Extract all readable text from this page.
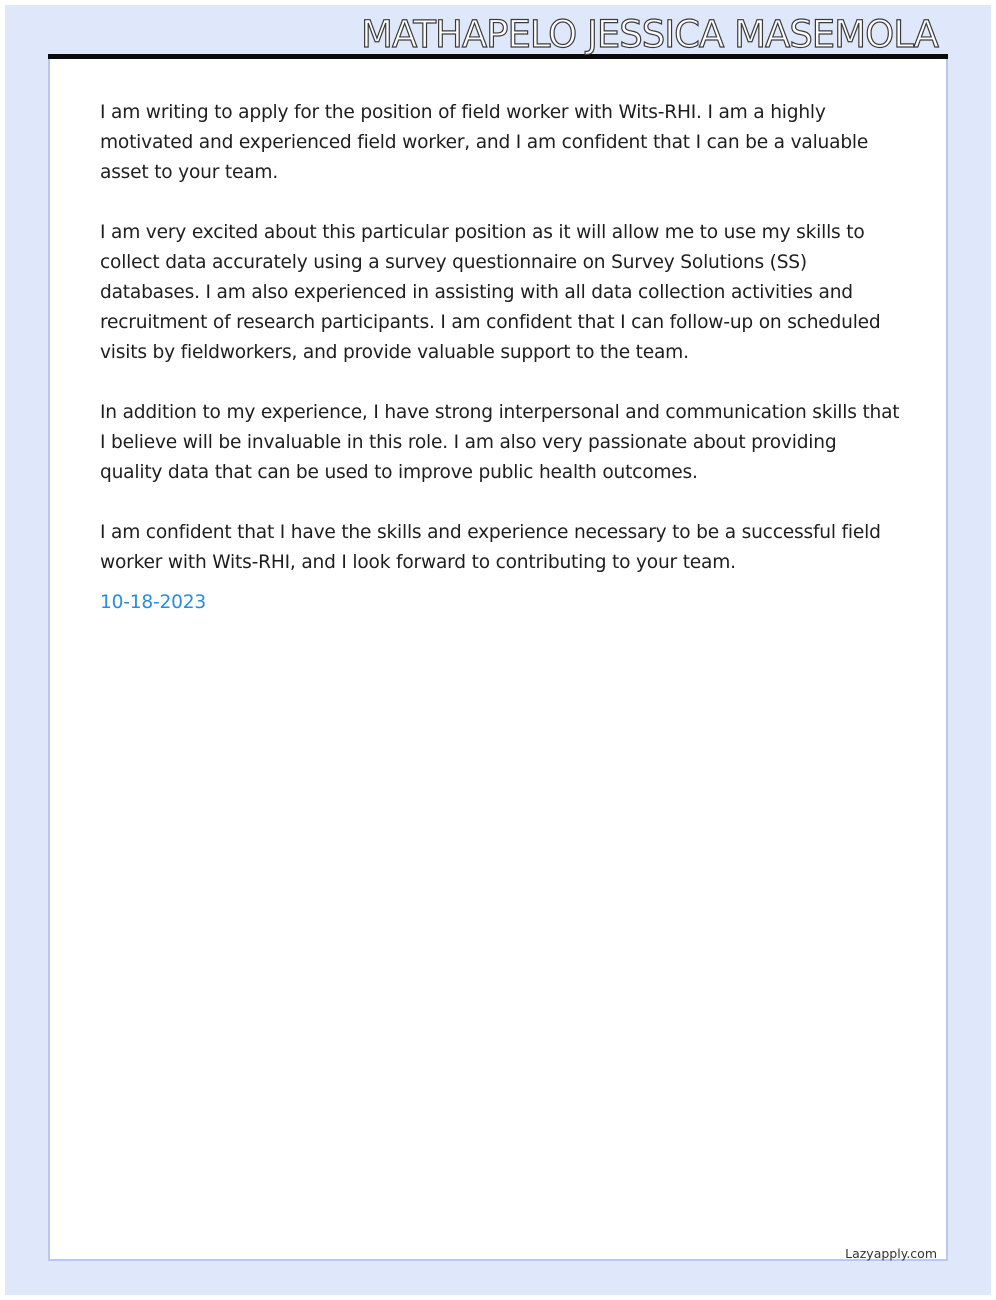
MATHAPELO JESSICA MASEMOLA

I am writing to apply for the position of field worker with Wits-RHI. I am a highly motivated and experienced field worker, and I am confident that I can be a valuable asset to your team.

I am very excited about this particular position as it will allow me to use my skills to collect data accurately using a survey questionnaire on Survey Solutions (SS) databases. I am also experienced in assisting with all data collection activities and recruitment of research participants. I am confident that I can follow-up on scheduled visits by fieldworkers, and provide valuable support to the team.

In addition to my experience, I have strong interpersonal and communication skills that I believe will be invaluable in this role. I am also very passionate about providing quality data that can be used to improve public health outcomes.

I am confident that I have the skills and experience necessary to be a successful field worker with Wits-RHI, and I look forward to contributing to your team.

10-18-2023
Lazyapply.com
